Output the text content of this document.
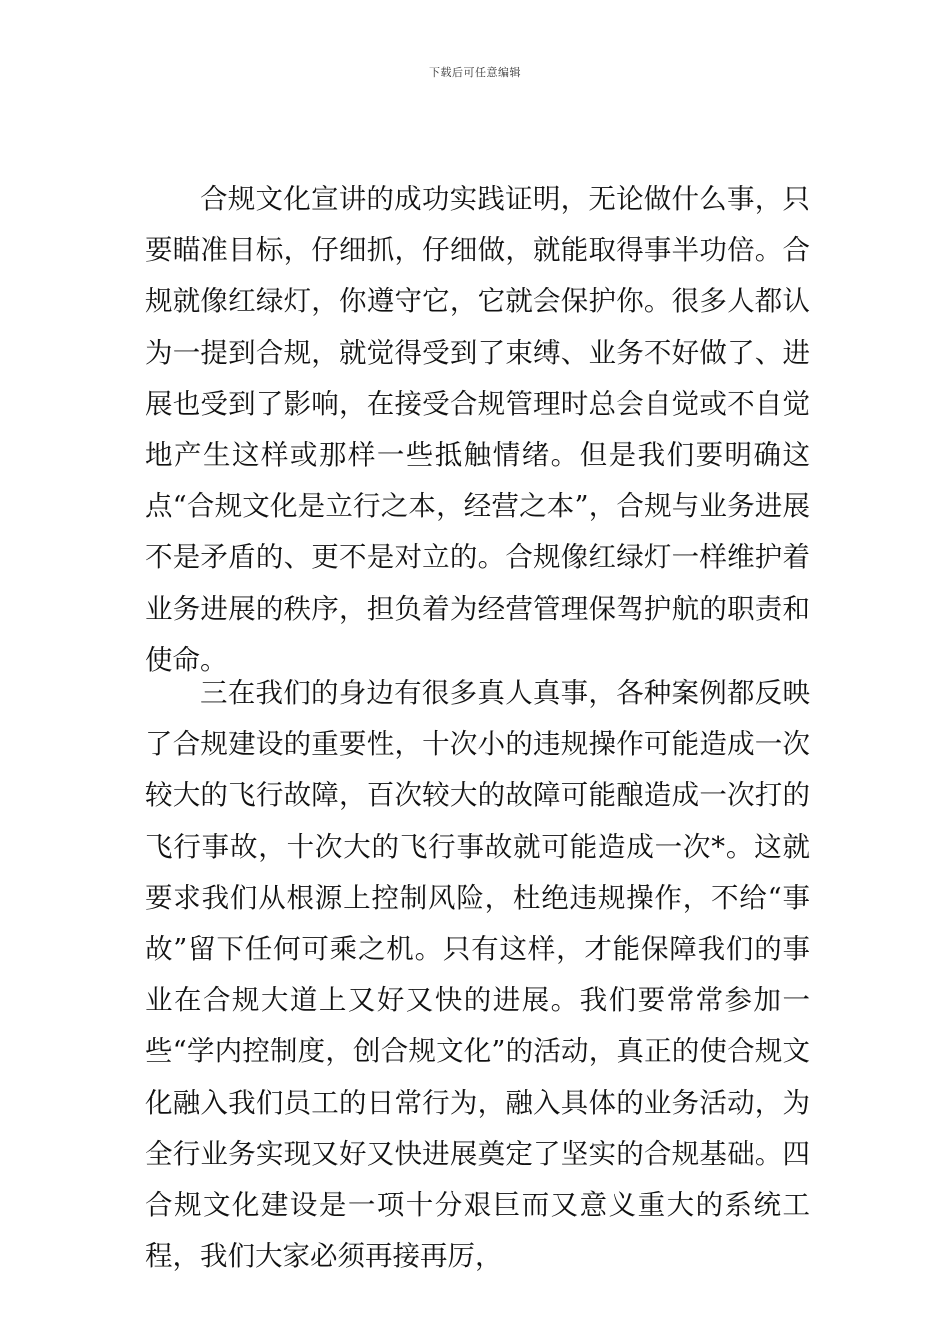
下载后可任意编辑

合规文化宣讲的成功实践证明，无论做什么事，只要瞄准目标，仔细抓，仔细做，就能取得事半功倍。合规就像红绿灯，你遵守它，它就会保护你。很多人都认为一提到合规，就觉得受到了束缚、业务不好做了、进展也受到了影响，在接受合规管理时总会自觉或不自觉地产生这样或那样一些抵触情绪。但是我们要明确这点“合规文化是立行之本，经营之本”，合规与业务进展不是矛盾的、更不是对立的。合规像红绿灯一样维护着业务进展的秩序，担负着为经营管理保驾护航的职责和使命。

三在我们的身边有很多真人真事，各种案例都反映了合规建设的重要性，十次小的违规操作可能造成一次较大的飞行故障，百次较大的故障可能酿造成一次打的飞行事故，十次大的飞行事故就可能造成一次*。这就要求我们从根源上控制风险，杜绝违规操作，不给“事故”留下任何可乘之机。只有这样，才能保障我们的事业在合规大道上又好又快的进展。我们要常常参加一些“学内控制度，创合规文化”的活动，真正的使合规文化融入我们员工的日常行为，融入具体的业务活动，为全行业务实现又好又快进展奠定了坚实的合规基础。四合规文化建设是一项十分艰巨而又意义重大的系统工程，我们大家必须再接再厉，
